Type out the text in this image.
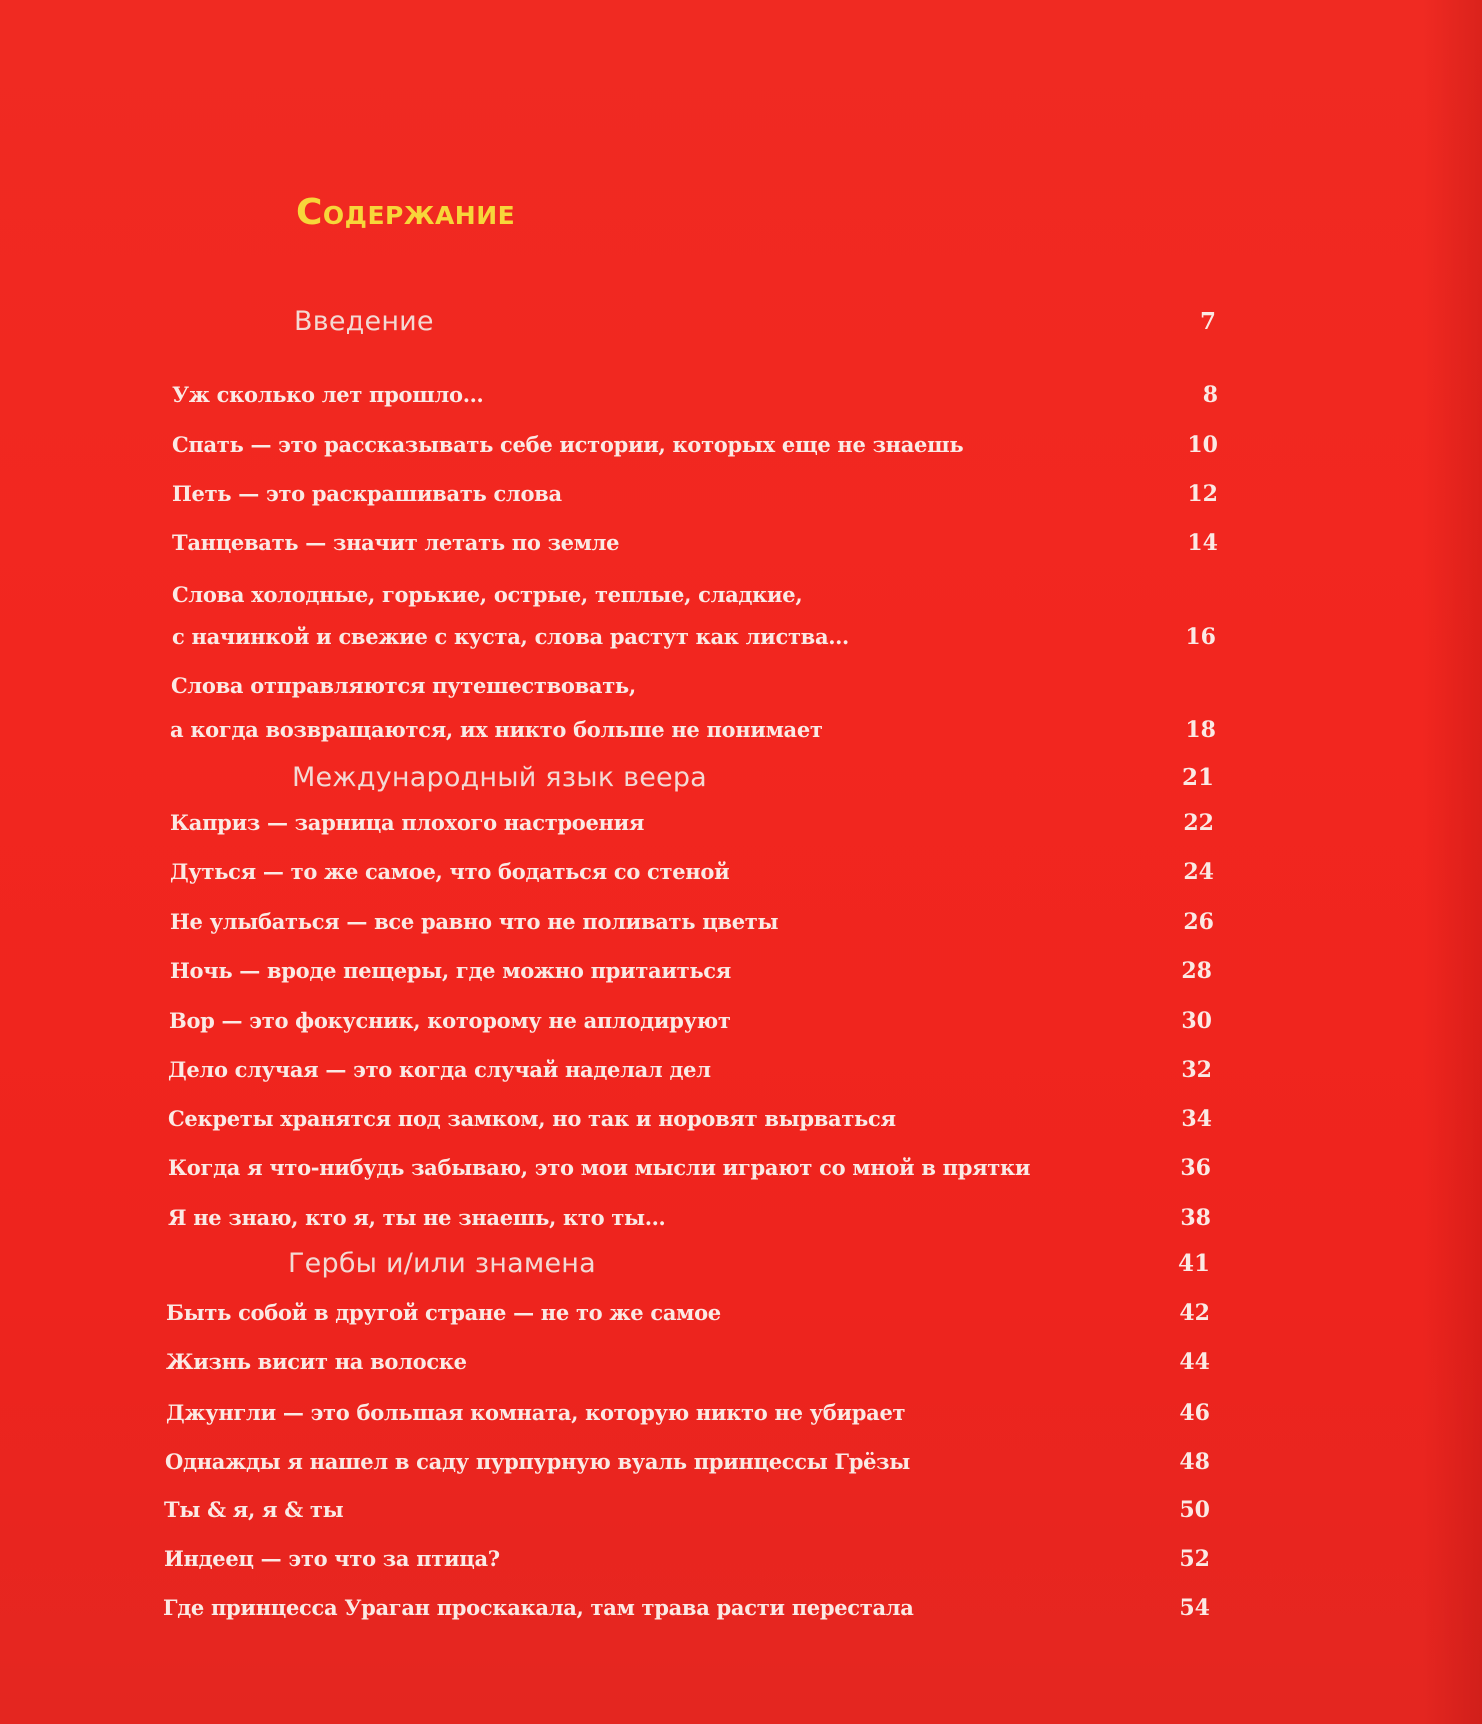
Содержание
Введение	7
Уж сколько лет прошло…	8
Спать — это рассказывать себе истории, которых еще не знаешь	10
Петь — это раскрашивать слова	12
Танцевать — значит летать по земле	14
Слова холодные, горькие, острые, теплые, сладкие,
с начинкой и свежие с куста, слова растут как листва…	16
Слова отправляются путешествовать,
а когда возвращаются, их никто больше не понимает	18
Международный язык веера	21
Каприз — зарница плохого настроения	22
Дуться — то же самое, что бодаться со стеной	24
Не улыбаться — все равно что не поливать цветы	26
Ночь — вроде пещеры, где можно притаиться	28
Вор — это фокусник, которому не аплодируют	30
Дело случая — это когда случай наделал дел	32
Секреты хранятся под замком, но так и норовят вырваться	34
Когда я что-нибудь забываю, это мои мысли играют со мной в прятки	36
Я не знаю, кто я, ты не знаешь, кто ты…	38
Гербы и/или знамена	41
Быть собой в другой стране — не то же самое	42
Жизнь висит на волоске	44
Джунгли — это большая комната, которую никто не убирает	46
Однажды я нашел в саду пурпурную вуаль принцессы Грёзы	48
Ты & я, я & ты	50
Индеец — это что за птица?	52
Где принцесса Ураган проскакала, там трава расти перестала	54
